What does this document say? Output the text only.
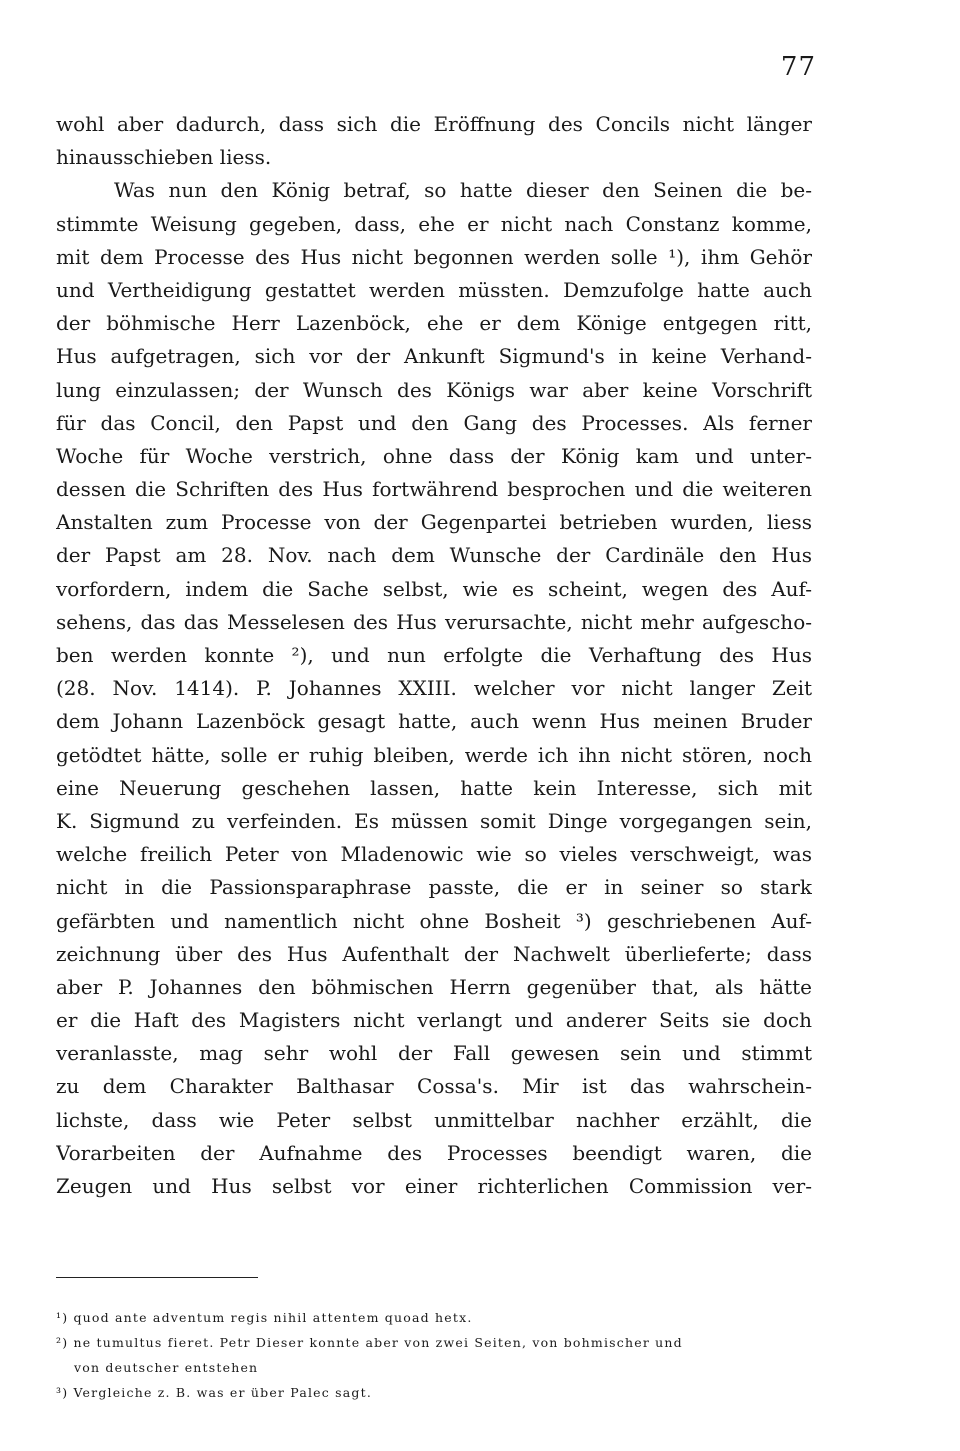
77
wohl aber dadurch, dass sich die Eröffnung des Concils nicht länger
hinausschieben liess.
Was nun den König betraf, so hatte dieser den Seinen die be-
stimmte Weisung gegeben, dass, ehe er nicht nach Constanz komme,
mit dem Processe des Hus nicht begonnen werden solle ¹), ihm Gehör
und Vertheidigung gestattet werden müssten. Demzufolge hatte auch
der böhmische Herr Lazenböck, ehe er dem Könige entgegen ritt,
Hus aufgetragen, sich vor der Ankunft Sigmund's in keine Verhand-
lung einzulassen; der Wunsch des Königs war aber keine Vorschrift
für das Concil, den Papst und den Gang des Processes. Als ferner
Woche für Woche verstrich, ohne dass der König kam und unter-
dessen die Schriften des Hus fortwährend besprochen und die weiteren
Anstalten zum Processe von der Gegenpartei betrieben wurden, liess
der Papst am 28. Nov. nach dem Wunsche der Cardinäle den Hus
vorfordern, indem die Sache selbst, wie es scheint, wegen des Auf-
sehens, das das Messelesen des Hus verursachte, nicht mehr aufgescho-
ben werden konnte ²), und nun erfolgte die Verhaftung des Hus
(28. Nov. 1414). P. Johannes XXIII. welcher vor nicht langer Zeit
dem Johann Lazenböck gesagt hatte, auch wenn Hus meinen Bruder
getödtet hätte, solle er ruhig bleiben, werde ich ihn nicht stören, noch
eine Neuerung geschehen lassen, hatte kein Interesse, sich mit
K. Sigmund zu verfeinden. Es müssen somit Dinge vorgegangen sein,
welche freilich Peter von Mladenowic wie so vieles verschweigt, was
nicht in die Passionsparaphrase passte, die er in seiner so stark
gefärbten und namentlich nicht ohne Bosheit ³) geschriebenen Auf-
zeichnung über des Hus Aufenthalt der Nachwelt überlieferte; dass
aber P. Johannes den böhmischen Herrn gegenüber that, als hätte
er die Haft des Magisters nicht verlangt und anderer Seits sie doch
veranlasste, mag sehr wohl der Fall gewesen sein und stimmt
zu dem Charakter Balthasar Cossa's. Mir ist das wahrschein-
lichste, dass wie Peter selbst unmittelbar nachher erzählt, die
Vorarbeiten der Aufnahme des Processes beendigt waren, die
Zeugen und Hus selbst vor einer richterlichen Commission ver-
¹) quod ante adventum regis nihil attentem quoad hetx.
²) ne tumultus fieret. Petr Dieser konnte aber von zwei Seiten, von bohmischer und
von deutscher entstehen
³) Vergleiche z. B. was er über Palec sagt.
